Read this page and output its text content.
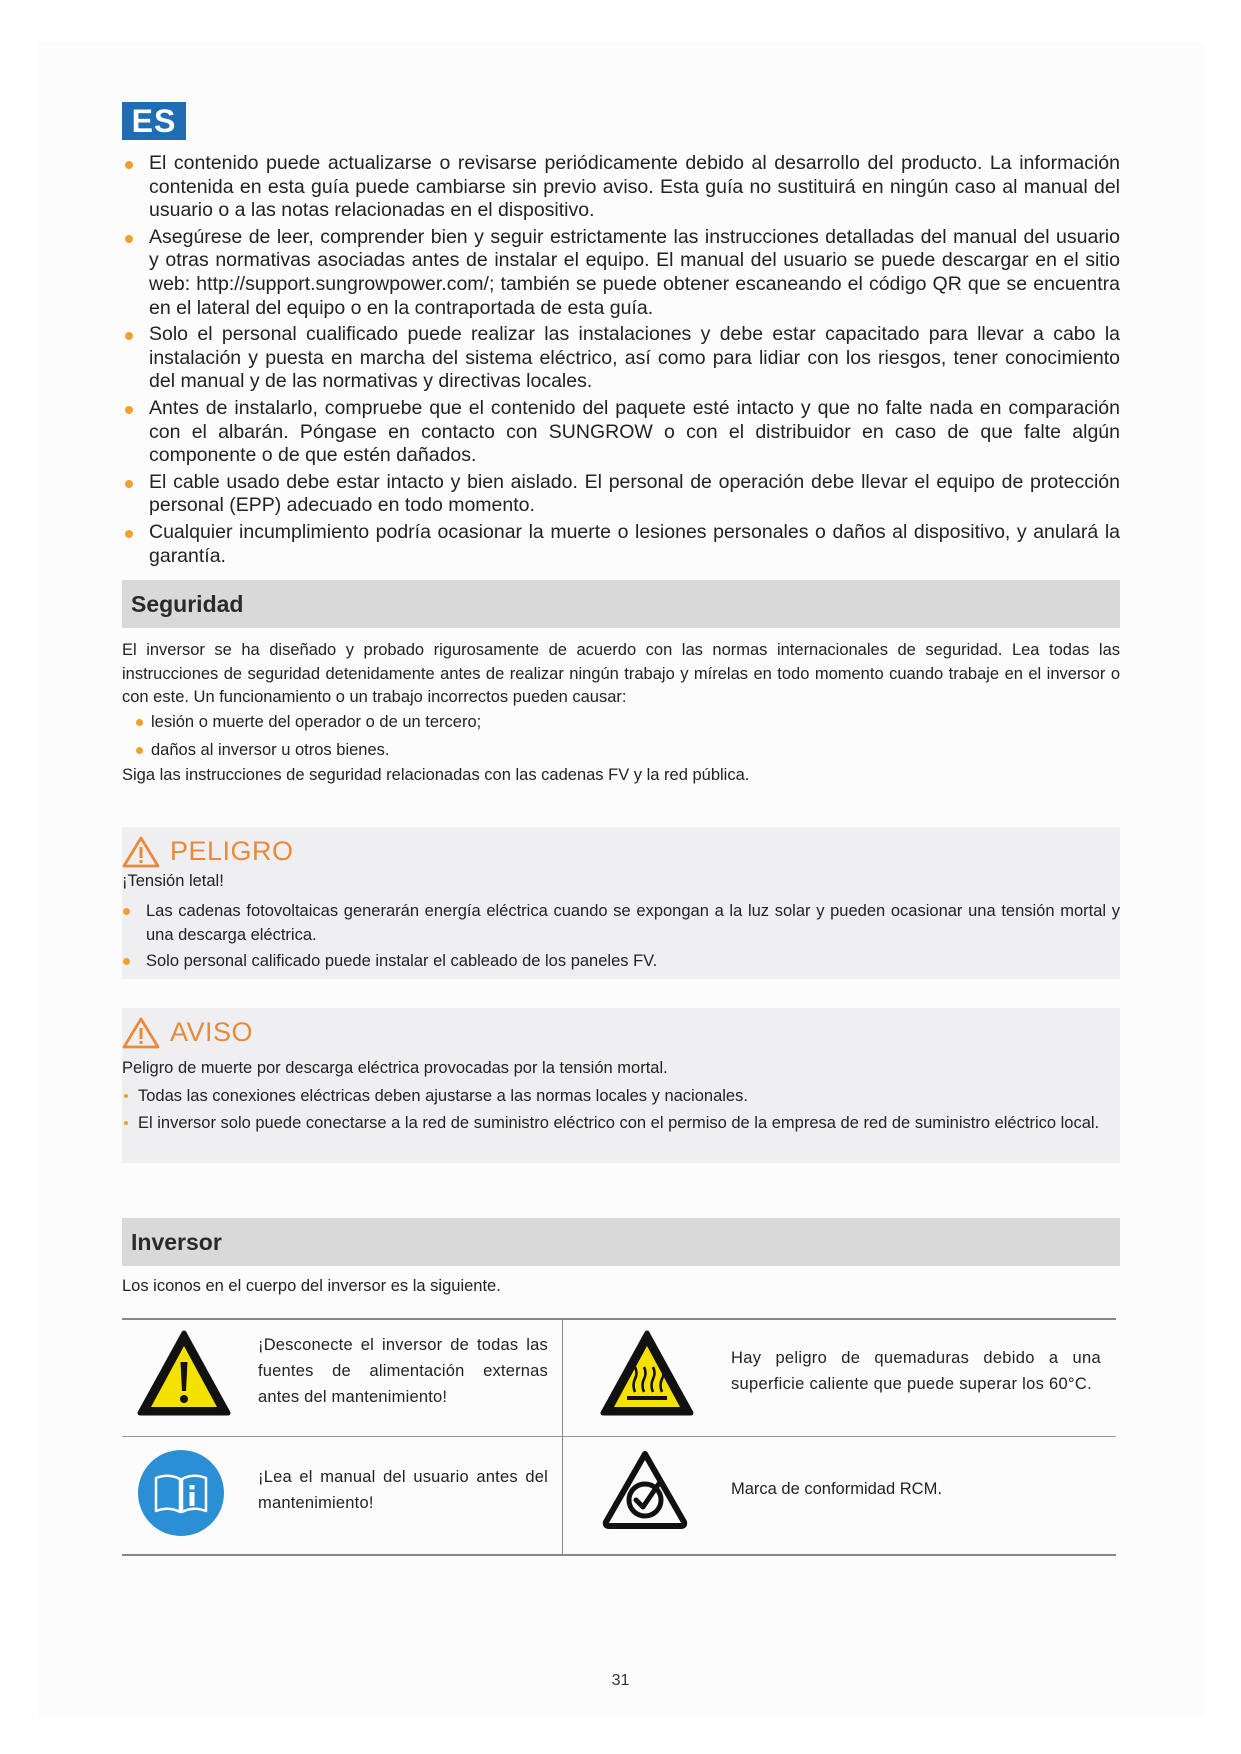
ES
El contenido puede actualizarse o revisarse periódicamente debido al desarrollo del producto. La información contenida en esta guía puede cambiarse sin previo aviso. Esta guía no sustituirá en ningún caso al manual del usuario o a las notas relacionadas en el dispositivo.
Asegúrese de leer, comprender bien y seguir estrictamente las instrucciones detalladas del manual del usuario y otras normativas asociadas antes de instalar el equipo. El manual del usuario se puede descargar en el sitio web: http://support.sungrowpower.com/; también se puede obtener escaneando el código QR que se encuentra en el lateral del equipo o en la contraportada de esta guía.
Solo el personal cualificado puede realizar las instalaciones y debe estar capacitado para llevar a cabo la instalación y puesta en marcha del sistema eléctrico, así como para lidiar con los riesgos, tener conocimiento del manual y de las normativas y directivas locales.
Antes de instalarlo, compruebe que el contenido del paquete esté intacto y que no falte nada en comparación con el albarán. Póngase en contacto con SUNGROW o con el distribuidor en caso de que falte algún componente o de que estén dañados.
El cable usado debe estar intacto y bien aislado. El personal de operación debe llevar el equipo de protección personal (EPP) adecuado en todo momento.
Cualquier incumplimiento podría ocasionar la muerte o lesiones personales o daños al dispositivo, y anulará la garantía.
Seguridad

El inversor se ha diseñado y probado rigurosamente de acuerdo con las normas internacionales de seguridad. Lea todas las instrucciones de seguridad detenidamente antes de realizar ningún trabajo y mírelas en todo momento cuando trabaje en el inversor o con este. Un funcionamiento o un trabajo incorrectos pueden causar:

lesión o muerte del operador o de un tercero;
daños al inversor u otros bienes.

Siga las instrucciones de seguridad relacionadas con las cadenas FV y la red pública.

PELIGRO
¡Tensión letal!
Las cadenas fotovoltaicas generarán energía eléctrica cuando se expongan a la luz solar y pueden ocasionar una tensión mortal y una descarga eléctrica.
Solo personal calificado puede instalar el cableado de los paneles FV.
AVISO
Peligro de muerte por descarga eléctrica provocadas por la tensión mortal.
Todas las conexiones eléctricas deben ajustarse a las normas locales y nacionales.
El inversor solo puede conectarse a la red de suministro eléctrico con el permiso de la empresa de red de suministro eléctrico local.
Inversor

Los iconos en el cuerpo del inversor es la siguiente.

¡Desconecte el inversor de todas las fuentes de alimentación externas antes del mantenimiento!
Hay peligro de quemaduras debido a una superficie caliente que puede superar los 60°C.
¡Lea el manual del usuario antes del mantenimiento!
Marca de conformidad RCM.
31
